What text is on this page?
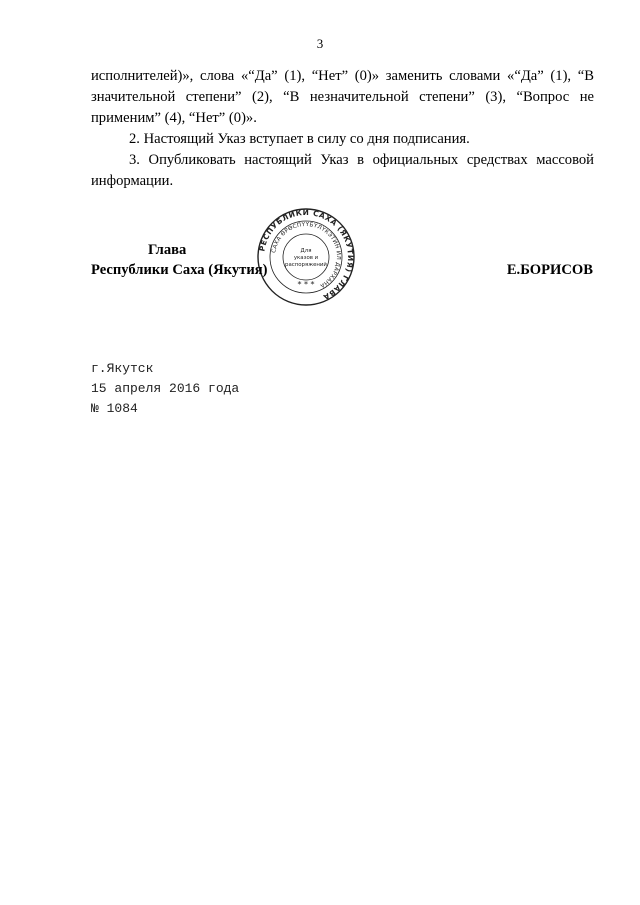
3

исполнителей)», слова «“Да” (1), “Нет” (0)» заменить словами «“Да” (1), “В значительной степени” (2), “В незначительной степени” (3), “Вопрос не применим” (4), “Нет” (0)».

2. Настоящий Указ вступает в силу со дня подписания.

3. Опубликовать настоящий Указ в официальных средствах массовой информации.

РЕСПУБЛИКИ САХА (ЯКУТИЯ) ГЛАВА
САХА ӨРӨСПҮҮБҮЛҮКЭТИН ИЛ ДАРХАНА
Для
указов и
распоряжений
* * *
Глава
Республики Саха (Якутия)	Е.БОРИСОВ
г.Якутск
15 апреля 2016 года
№ 1084
